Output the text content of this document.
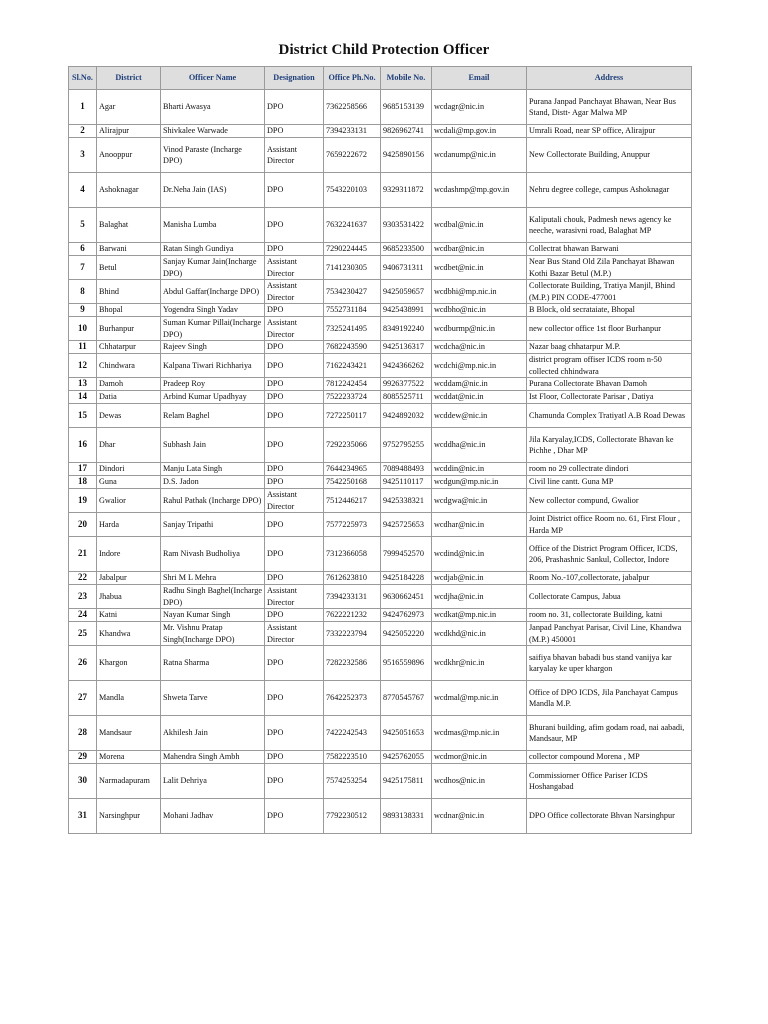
District Child Protection Officer
Sl.No.	District	Officer Name	Designation	Office Ph.No.	Mobile No.	Email	Address
1	Agar	Bharti Awasya	DPO	7362258566	9685153139	wcdagr@nic.in	Purana Janpad Panchayat Bhawan, Near Bus Stand, Distt- Agar Malwa MP
2	Alirajpur	Shivkalee Warwade	DPO	7394233131	9826962741	wcdali@mp.gov.in	Umrali Road, near SP office, Alirajpur
3	Anooppur	Vinod Paraste (Incharge DPO)	Assistant Director	7659222672	9425890156	wcdanump@nic.in	New Collectorate Building, Anuppur
4	Ashoknagar	Dr.Neha Jain (IAS)	DPO	7543220103	9329311872	wcdashmp@mp.gov.in	Nehru degree college, campus Ashoknagar
5	Balaghat	Manisha Lumba	DPO	7632241637	9303531422	wcdbal@nic.in	Kaliputali chouk, Padmesh news agency ke neeche, warasivni road, Balaghat MP
6	Barwani	Ratan Singh Gundiya	DPO	7290224445	9685233500	wcdbar@nic.in	Collectrat bhawan Barwani
7	Betul	Sanjay Kumar Jain(Incharge DPO)	Assistant Director	7141230305	9406731311	wcdbet@nic.in	Near Bus Stand Old Zila Panchayat Bhawan Kothi Bazar Betul (M.P.)
8	Bhind	Abdul Gaffar(Incharge DPO)	Assistant Director	7534230427	9425059657	wcdbhi@mp.nic.in	Collectorate Building, Tratiya Manjil, Bhind (M.P.) PIN CODE-477001
9	Bhopal	Yogendra Singh Yadav	DPO	7552731184	9425438991	wcdbho@nic.in	B Block, old secrataiate, Bhopal
10	Burhanpur	Suman Kumar Pillai(Incharge DPO)	Assistant Director	7325241495	8349192240	wcdburmp@nic.in	new collector office 1st floor Burhanpur
11	Chhatarpur	Rajeev Singh	DPO	7682243590	9425136317	wcdcha@nic.in	Nazar baag chhatarpur M.P.
12	Chindwara	Kalpana Tiwari Richhariya	DPO	7162243421	9424366262	wcdchi@mp.nic.in	district program offiser ICDS room n-50 collected chhindwara
13	Damoh	Pradeep Roy	DPO	7812242454	9926377522	wcddam@nic.in	Purana Collectorate Bhavan Damoh
14	Datia	Arbind Kumar Upadhyay	DPO	7522233724	8085525711	wcddat@nic.in	Ist Floor, Collectorate Parisar , Datiya
15	Dewas	Relam Baghel	DPO	7272250117	9424892032	wcddew@nic.in	Chamunda Complex Tratiyatl A.B Road Dewas
16	Dhar	Subhash Jain	DPO	7292235066	9752795255	wcddha@nic.in	Jila Karyalay,ICDS, Collectorate Bhavan ke Pichhe , Dhar MP
17	Dindori	Manju Lata Singh	DPO	7644234965	7089488493	wcddin@nic.in	room no 29 collectrate dindori
18	Guna	D.S. Jadon	DPO	7542250168	9425110117	wcdgun@mp.nic.in	Civil line cantt. Guna MP
19	Gwalior	Rahul Pathak (Incharge DPO)	Assistant Director	7512446217	9425338321	wcdgwa@nic.in	New collector compund, Gwalior
20	Harda	Sanjay Tripathi	DPO	7577225973	9425725653	wcdhar@nic.in	Joint District office Room no. 61, First Flour , Harda MP
21	Indore	Ram Nivash Budholiya	DPO	7312366058	7999452570	wcdind@nic.in	Office of the District Program Officer, ICDS, 206, Prashashnic Sankul, Collector, Indore
22	Jabalpur	Shri M L Mehra	DPO	7612623810	9425184228	wcdjab@nic.in	Room No.-107,collectorate, jabalpur
23	Jhabua	Radhu Singh Baghel(Incharge DPO)	Assistant Director	7394233131	9630662451	wcdjha@nic.in	Collectorate Campus, Jabua
24	Katni	Nayan Kumar Singh	DPO	7622221232	9424762973	wcdkat@mp.nic.in	room no. 31, collectorate Building, katni
25	Khandwa	Mr. Vishnu Pratap Singh(Incharge DPO)	Assistant Director	7332223794	9425052220	wcdkhd@nic.in	Janpad Panchyat Parisar, Civil Line, Khandwa (M.P.) 450001
26	Khargon	Ratna Sharma	DPO	7282232586	9516559896	wcdkhr@nic.in	saifiya bhavan babadi bus stand vanijya kar karyalay ke uper khargon
27	Mandla	Shweta Tarve	DPO	7642252373	8770545767	wcdmal@mp.nic.in	Office of DPO ICDS, Jila Panchayat Campus Mandla M.P.
28	Mandsaur	Akhilesh Jain	DPO	7422242543	9425051653	wcdmas@mp.nic.in	Bhurani building, afim godam road, nai aabadi, Mandsaur, MP
29	Morena	Mahendra Singh Ambh	DPO	7582223510	9425762055	wcdmor@nic.in	collector compound Morena , MP
30	Narmadapuram	Lalit Dehriya	DPO	7574253254	9425175811	wcdhos@nic.in	Commissiorner Office Pariser ICDS Hoshangabad
31	Narsinghpur	Mohani Jadhav	DPO	7792230512	9893138331	wcdnar@nic.in	DPO Office collectorate Bhvan Narsinghpur
